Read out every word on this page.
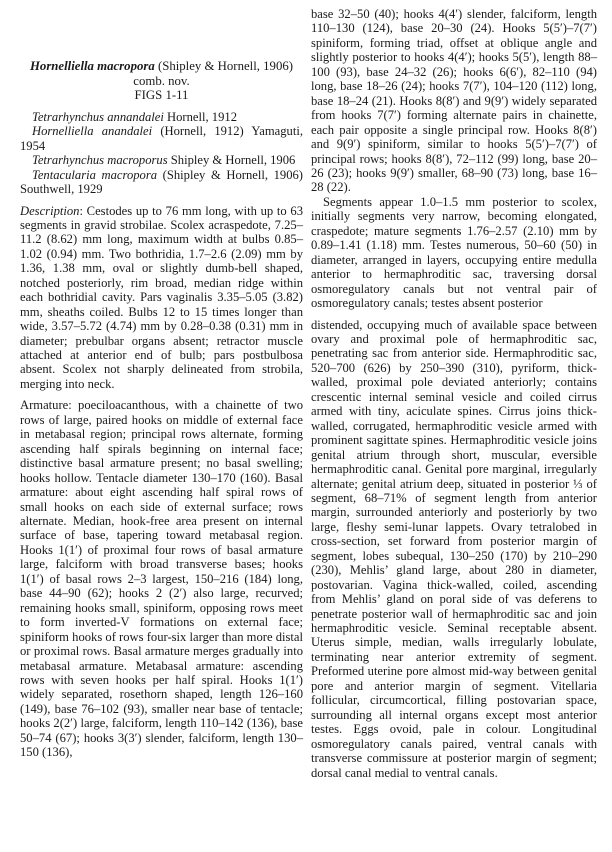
Hornelliella macropora (Shipley & Hornell, 1906)
comb. nov.
FIGS 1-11

Tetrarhynchus annandalei Hornell, 1912

Hornelliella anandalei (Hornell, 1912) Yamaguti, 1954

Tetrarhynchus macroporus Shipley & Hornell, 1906

Tentacularia macropora (Shipley & Hornell, 1906) Southwell, 1929

Description: Cestodes up to 76 mm long, with up to 63 segments in gravid strobilae. Scolex acraspedote, 7.25–11.2 (8.62) mm long, maximum width at bulbs 0.85–1.02 (0.94) mm. Two bothridia, 1.7–2.6 (2.09) mm by 1.36, 1.38 mm, oval or slightly dumb-bell shaped, notched posteriorly, rim broad, median ridge within each bothridial cavity. Pars vaginalis 3.35–5.05 (3.82) mm, sheaths coiled. Bulbs 12 to 15 times longer than wide, 3.57–5.72 (4.74) mm by 0.28–0.38 (0.31) mm in diameter; prebulbar organs absent; retractor muscle attached at anterior end of bulb; pars postbulbosa absent. Scolex not sharply delineated from strobila, merging into neck.

Armature: poeciloacanthous, with a chainette of two rows of large, paired hooks on middle of external face in metabasal region; principal rows alternate, forming ascending half spirals beginning on internal face; distinctive basal armature present; no basal swelling; hooks hollow. Tentacle diameter 130–170 (160). Basal armature: about eight ascending half spiral rows of small hooks on each side of external surface; rows alternate. Median, hook-free area present on internal surface of base, tapering toward metabasal region. Hooks 1(1′) of proximal four rows of basal armature large, falciform with broad transverse bases; hooks 1(1′) of basal rows 2–3 largest, 150–216 (184) long, base 44–90 (62); hooks 2 (2′) also large, recurved; remaining hooks small, spiniform, opposing rows meet to form inverted-V formations on external face; spiniform hooks of rows four-six larger than more distal or proximal rows. Basal armature merges gradually into metabasal armature. Metabasal armature: ascending rows with seven hooks per half spiral. Hooks 1(1′) widely separated, rosethorn shaped, length 126–160 (149), base 76–102 (93), smaller near base of tentacle; hooks 2(2′) large, falciform, length 110–142 (136), base 50–74 (67); hooks 3(3′) slender, falciform, length 130–150 (136),

base 32–50 (40); hooks 4(4′) slender, falciform, length 110–130 (124), base 20–30 (24). Hooks 5(5′)–7(7′) spiniform, forming triad, offset at oblique angle and slightly posterior to hooks 4(4′); hooks 5(5′), length 88–100 (93), base 24–32 (26); hooks 6(6′), 82–110 (94) long, base 18–26 (24); hooks 7(7′), 104–120 (112) long, base 18–24 (21). Hooks 8(8′) and 9(9′) widely separated from hooks 7(7′) forming alternate pairs in chainette, each pair opposite a single principal row. Hooks 8(8′) and 9(9′) spiniform, similar to hooks 5(5′)–7(7′) of principal rows; hooks 8(8′), 72–112 (99) long, base 20–26 (23); hooks 9(9′) smaller, 68–90 (73) long, base 16–28 (22).

Segments appear 1.0–1.5 mm posterior to scolex, initially segments very narrow, becoming elongated, craspedote; mature segments 1.76–2.57 (2.10) mm by 0.89–1.41 (1.18) mm. Testes numerous, 50–60 (50) in diameter, arranged in layers, occupying entire medulla anterior to hermaphroditic sac, traversing dorsal osmoregulatory canals but not ventral pair of osmoregulatory canals; testes absent posterior

distended, occupying much of available space between ovary and proximal pole of hermaphroditic sac, penetrating sac from anterior side. Hermaphroditic sac, 520–700 (626) by 250–390 (310), pyriform, thick-walled, proximal pole deviated anteriorly; contains crescentic internal seminal vesicle and coiled cirrus armed with tiny, aciculate spines. Cirrus joins thick-walled, corrugated, hermaphroditic vesicle armed with prominent sagittate spines. Hermaphroditic vesicle joins genital atrium through short, muscular, eversible hermaphroditic canal. Genital pore marginal, irregularly alternate; genital atrium deep, situated in posterior ⅓ of segment, 68–71% of segment length from anterior margin, surrounded anteriorly and posteriorly by two large, fleshy semi-lunar lappets. Ovary tetralobed in cross-section, set forward from posterior margin of segment, lobes subequal, 130–250 (170) by 210–290 (230), Mehlis’ gland large, about 280 in diameter, postovarian. Vagina thick-walled, coiled, ascending from Mehlis’ gland on poral side of vas deferens to penetrate posterior wall of hermaphroditic sac and join hermaphroditic vesicle. Seminal receptable absent. Uterus simple, median, walls irregularly lobulate, terminating near anterior extremity of segment. Preformed uterine pore almost mid-way between genital pore and anterior margin of segment. Vitellaria follicular, circumcortical, filling postovarian space, surrounding all internal organs except most anterior testes. Eggs ovoid, pale in colour. Longitudinal osmoregulatory canals paired, ventral canals with transverse commissure at posterior margin of segment; dorsal canal medial to ventral canals.
